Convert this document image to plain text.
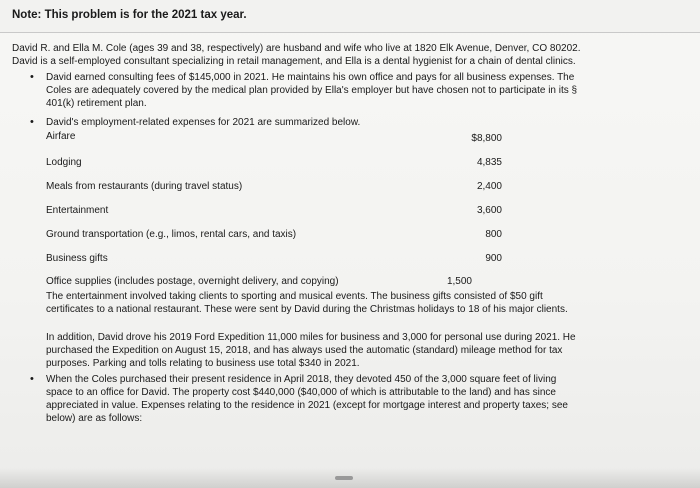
Note: This problem is for the 2021 tax year.
David R. and Ella M. Cole (ages 39 and 38, respectively) are husband and wife who live at 1820 Elk Avenue, Denver, CO 80202.
David is a self-employed consultant specializing in retail management, and Ella is a dental hygienist for a chain of dental clinics.
• David earned consulting fees of $145,000 in 2021. He maintains his own office and pays for all business expenses. The
Coles are adequately covered by the medical plan provided by Ella's employer but have chosen not to participate in its §
401(k) retirement plan.
• David's employment-related expenses for 2021 are summarized below.
Airfare	$8,800
Lodging	4,835
Meals from restaurants (during travel status)	2,400
Entertainment	3,600
Ground transportation (e.g., limos, rental cars, and taxis)	800
Business gifts	900
Office supplies (includes postage, overnight delivery, and copying)	1,500
The entertainment involved taking clients to sporting and musical events. The business gifts consisted of $50 gift
certificates to a national restaurant. These were sent by David during the Christmas holidays to 18 of his major clients.
In addition, David drove his 2019 Ford Expedition 11,000 miles for business and 3,000 for personal use during 2021. He
purchased the Expedition on August 15, 2018, and has always used the automatic (standard) mileage method for tax
purposes. Parking and tolls relating to business use total $340 in 2021.
• When the Coles purchased their present residence in April 2018, they devoted 450 of the 3,000 square feet of living
space to an office for David. The property cost $440,000 ($40,000 of which is attributable to the land) and has since
appreciated in value. Expenses relating to the residence in 2021 (except for mortgage interest and property taxes; see
below) are as follows:
